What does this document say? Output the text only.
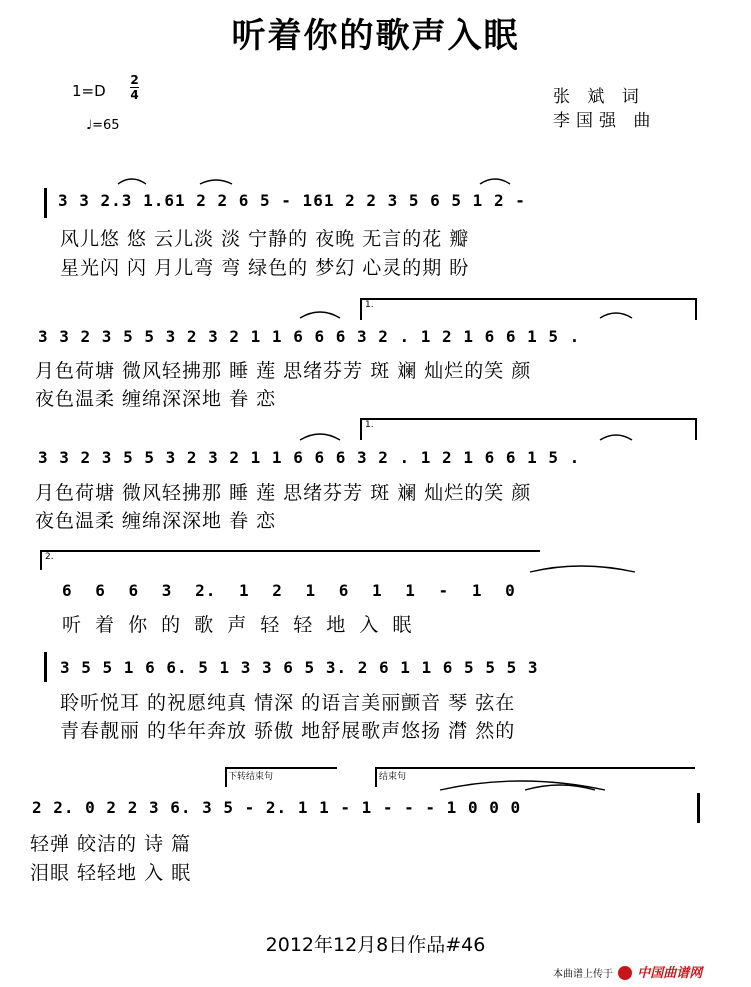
听着你的歌声入眠
1=D
2
4
♩=65
张 斌 词
李国强 曲
3 3 2.3 1.61 2 2 6 5 - 161 2 2 3 5 6 5 1 2 -
风儿悠 悠 云儿淡 淡 宁静的 夜晚 无言的花 瓣
星光闪 闪 月儿弯 弯 绿色的 梦幻 心灵的期 盼
1.
3 3 2 3 5 5 3 2 3 2 1 1 6 6 6 3 2 . 1 2 1 6 6 1 5 .
月色荷塘 微风轻拂那 睡 莲 思绪芬芳 斑 斓 灿烂的笑 颜
夜色温柔 缠绵深深地 眷 恋
1.
3 3 2 3 5 5 3 2 3 2 1 1 6 6 6 3 2 . 1 2 1 6 6 1 5 .
月色荷塘 微风轻拂那 睡 莲 思绪芬芳 斑 斓 灿烂的笑 颜
夜色温柔 缠绵深深地 眷 恋
2.
6 6 6 3 2. 1 2 1 6 1 1 - 1 0
听 着 你 的 歌 声 轻 轻 地 入 眠
3 5 5 1 6 6. 5 1 3 3 6 5 3. 2 6 1 1 6 5 5 5 3
聆听悦耳 的祝愿纯真 情深 的语言美丽颤音 琴 弦在
青春靓丽 的华年奔放 骄傲 地舒展歌声悠扬 潸 然的
下转结束句	结束句
2 2. 0 2 2 3 6. 3 5 - 2. 1 1 - 1 - - - 1 0 0 0
轻弹 皎洁的 诗 篇
泪眼 轻轻地 入 眠
2012年12月8日作品#46
本曲谱上传于 中国曲谱网
